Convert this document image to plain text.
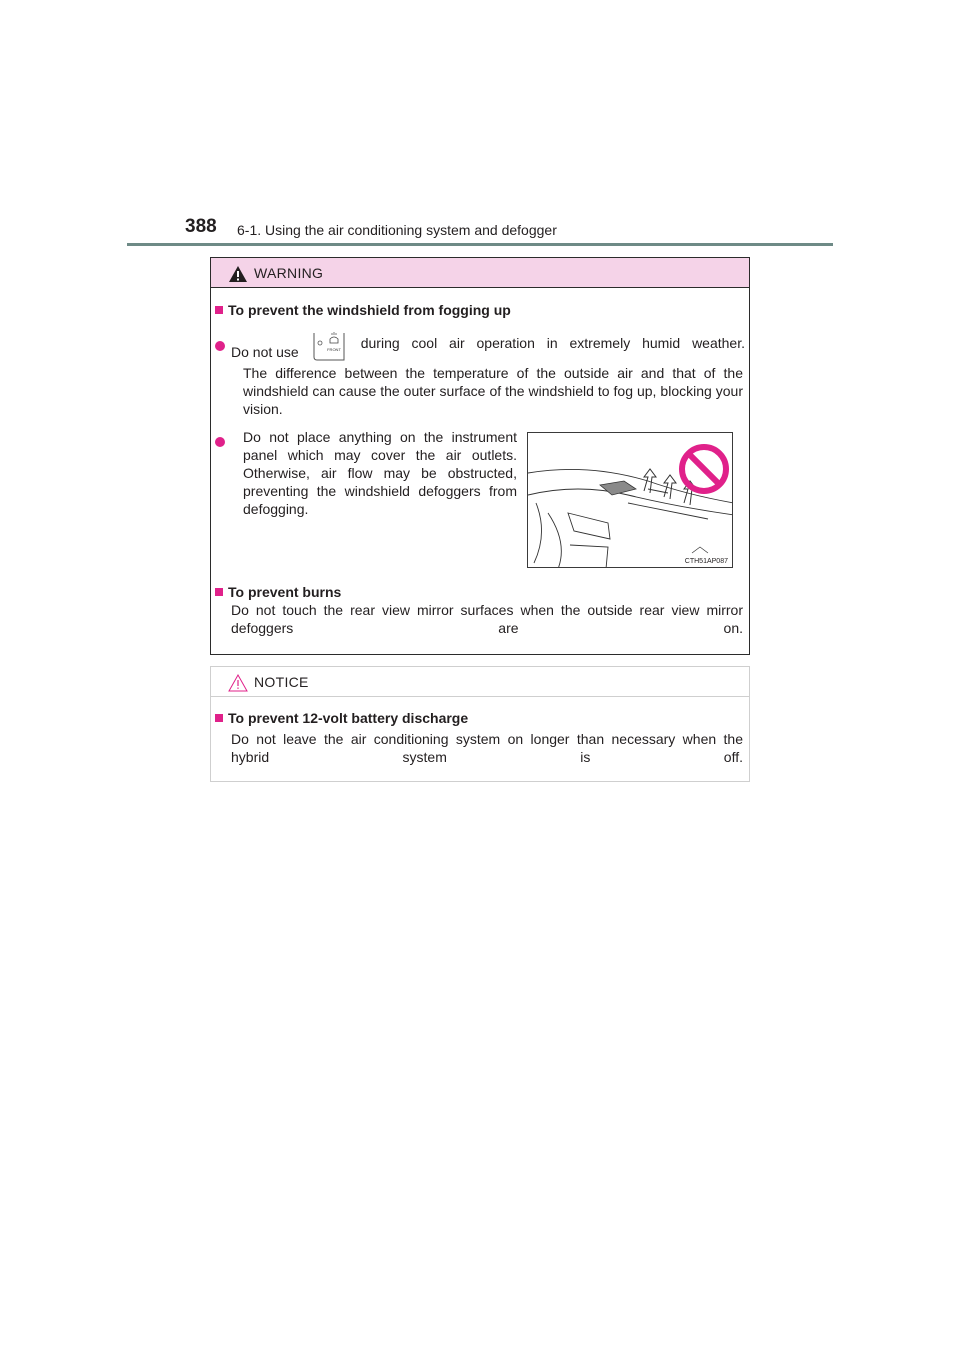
388 6-1. Using the air conditioning system and defogger
WARNING
To prevent the windshield from fogging up
Do not use	FRONT during cool air operation in extremely humid weather.
The difference between the temperature of the outside air and that of the windshield can cause the outer surface of the windshield to fog up, blocking your vision.
Do not place anything on the instrument panel which may cover the air outlets. Otherwise, air flow may be obstructed, preventing the windshield defoggers from defogging.
CTH51AP087
To prevent burns
Do not touch the rear view mirror surfaces when the outside rear view mirror defoggers are on.
NOTICE
To prevent 12-volt battery discharge
Do not leave the air conditioning system on longer than necessary when the hybrid system is off.
